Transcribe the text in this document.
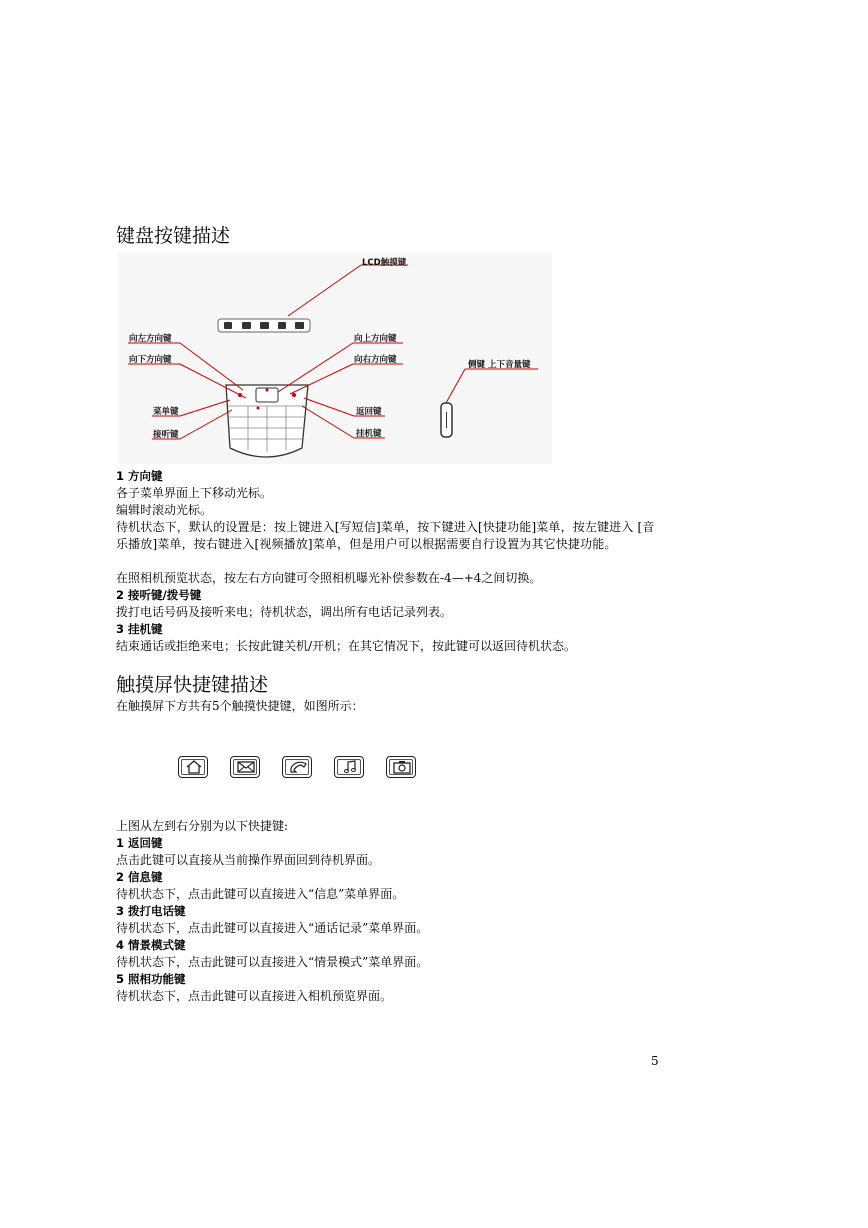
键盘按键描述
LCD触摸键
向左方向键
向下方向键
向上方向键
向右方向键	侧键 上下音量键
菜单键
接听键
返回键
挂机键
1 方向键
各子菜单界面上下移动光标。
编辑时滚动光标。
待机状态下，默认的设置是：按上键进入[写短信]菜单，按下键进入[快捷功能]菜单，按左键进入 [音乐播放]菜单，按右键进入[视频播放]菜单，但是用户可以根据需要自行设置为其它快捷功能。
在照相机预览状态，按左右方向键可令照相机曝光补偿参数在-4—+4之间切换。
2 接听键/拨号键
拨打电话号码及接听来电；待机状态，调出所有电话记录列表。
3 挂机键
结束通话或拒绝来电；长按此键关机/开机；在其它情况下，按此键可以返回待机状态。
触摸屏快捷键描述
在触摸屏下方共有5个触摸快捷键，如图所示：
上图从左到右分别为以下快捷键:
1 返回键
点击此键可以直接从当前操作界面回到待机界面。
2 信息键
待机状态下，点击此键可以直接进入“信息”菜单界面。
3 拨打电话键
待机状态下，点击此键可以直接进入“通话记录”菜单界面。
4 情景模式键
待机状态下，点击此键可以直接进入“情景模式”菜单界面。
5 照相功能键
待机状态下，点击此键可以直接进入相机预览界面。
5
